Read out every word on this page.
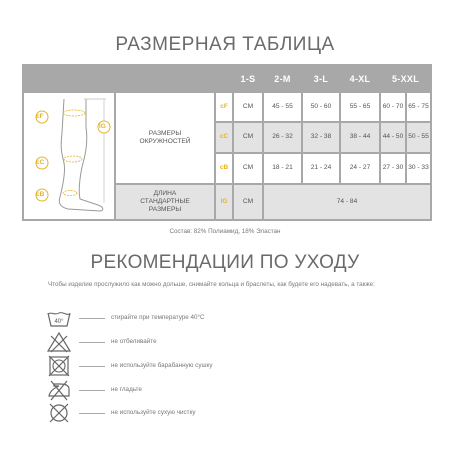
РАЗМЕРНАЯ ТАБЛИЦА
1-S	2-M	3-L	4-XL	5-XXL
cF
lG
cC
cB
РАЗМЕРЫ ОКРУЖНОСТЕЙ
cF	СМ	45 - 55	50 - 60	55 - 65	60 - 70 65 - 75
cC	СМ	26 - 32	32 - 38	38 - 44	44 - 50 50 - 55
cB	СМ	18 - 21	21 - 24	24 - 27	27 - 30 30 - 33
ДЛИНА СТАНДАРТНЫЕ РАЗМЕРЫ
lG	СМ	74 - 84
Состав: 82% Полиамид, 18% Эластан
РЕКОМЕНДАЦИИ ПО УХОДУ
Чтобы изделие прослужило как можно дольше, снимайте кольца и браслеты, как будете его надевать, а также:
40°
стирайте при температуре 40°С
не отбеливайте
не используйте барабанную сушку
не гладьте
не используйте сухую чистку
